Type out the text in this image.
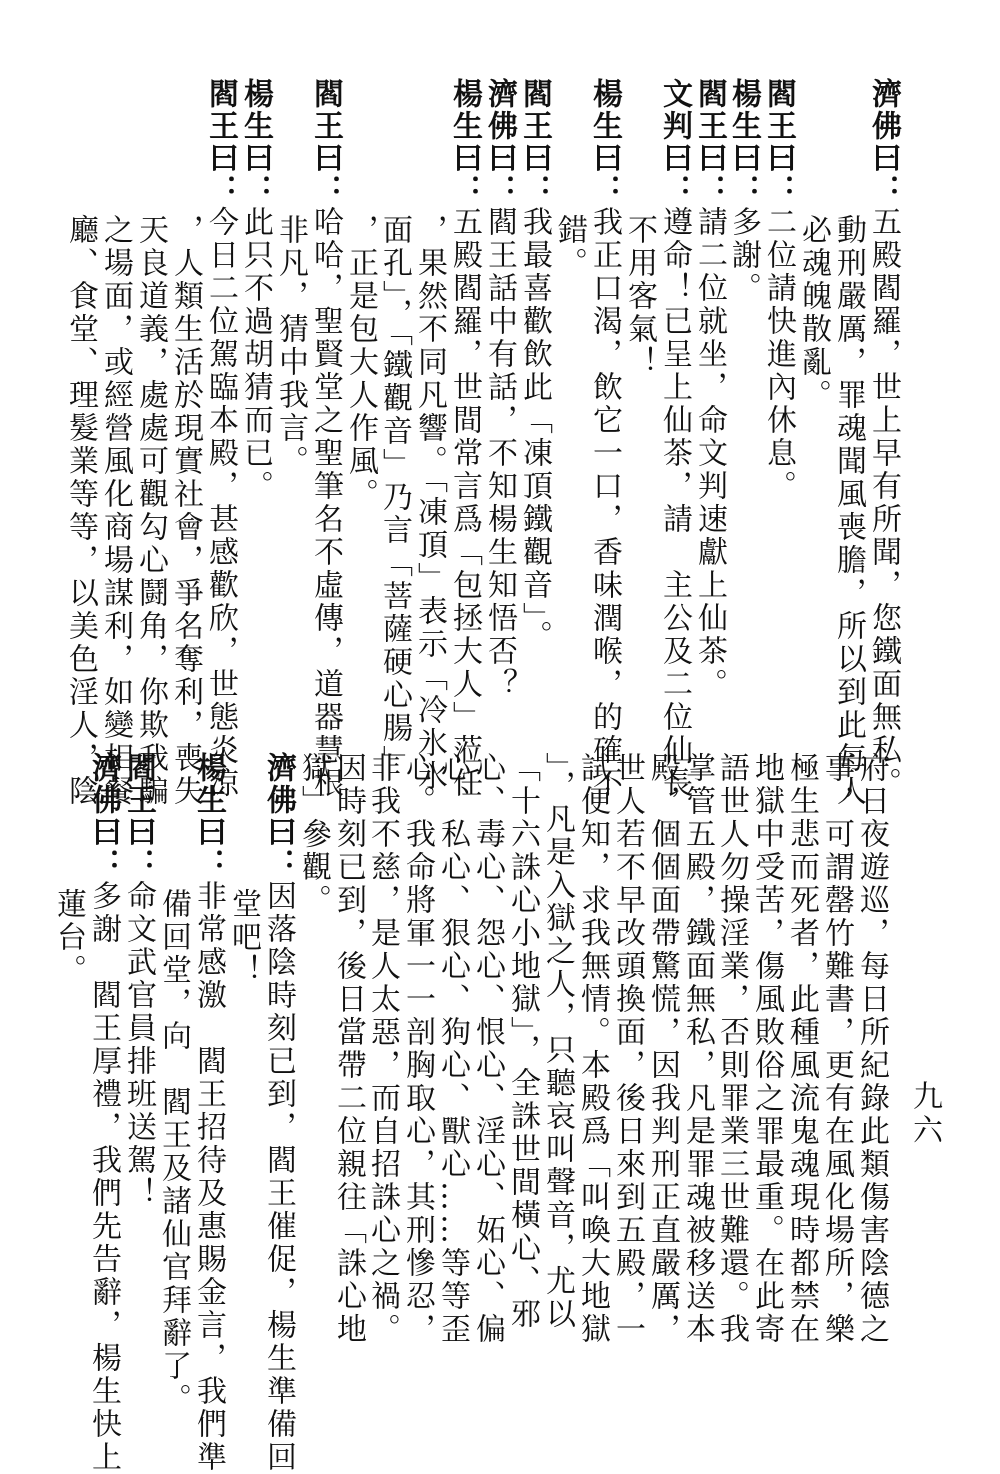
濟佛曰：五殿閻羅，世上早有所聞，您鐵面無私。
動刑嚴厲，罪魂聞風喪膽，所以到此每人
必魂魄散亂。
閻王曰：二位請快進內休息。
楊生曰：多謝。
閻王曰：請二位就坐，命文判速獻上仙茶。
文判曰：遵命！已呈上仙茶，請　主公及二位仙長
不用客氣！
楊生曰：我正口渴，飲它一口，香味潤喉，的確不
錯。
閻王曰：我最喜歡飲此「凍頂鐵觀音」。
濟佛曰：閻王話中有話，不知楊生知悟否？
楊生曰：五殿閻羅，世間常言爲「包拯大人」蒞任
，果然不同凡響。「凍頂」表示「冷氷氷
面孔」，「鐵觀音」乃言「菩薩硬心腸」
，正是包大人作風。
閻王曰：哈哈，聖賢堂之聖筆名不虛傳，道器慧根
非凡，猜中我言。
楊生曰：此只不過胡猜而已。
閻王曰：今日二位駕臨本殿，甚感歡欣，世態炎涼
，人類生活於現實社會，爭名奪利，喪失
天良道義，處處可觀勾心鬪角，你欺我騙
之場面，或經營風化商場謀利，如變相餐
廳、食堂、理髮業等等，以美色淫人，陰
府日夜遊巡，每日所紀錄此類傷害陰德之
事，可謂罄竹難書，更有在風化場所，樂
極生悲而死者，此種風流鬼魂現時都禁在
地獄中受苦，傷風敗俗之罪最重。在此寄
語世人勿操淫業，否則罪業三世難還。我
掌管五殿，鐵面無私，凡是罪魂被移送本
殿，個個面帶驚慌，因我判刑正直嚴厲，
世人若不早改頭換面，後日來到五殿，一
試便知，求我無情。本殿爲「叫喚大地獄
」，凡是入獄之人，只聽哀叫聲音，尤以
「十六誅心小地獄」，全誅世間橫心、邪
心、毒心、怨心、恨心、淫心、妬心、偏
心、私心、狠心、狗心、獸心……等等歪
心。我命將軍一一剖胸取心，其刑慘忍，
非我不慈，是人太惡，而自招誅心之禍。
因時刻已到，後日當帶二位親往「誅心地
獄」參觀。
濟佛曰：因落陰時刻已到，閻王催促，楊生準備回
堂吧！
楊生曰：非常感激　閻王招待及惠賜金言，我們準
備回堂，向　閻王及諸仙官拜辭了。
閻王曰：命文武官員排班送駕！
濟佛曰：多謝　閻王厚禮，我們先告辭，楊生快上
蓮台。
九六
